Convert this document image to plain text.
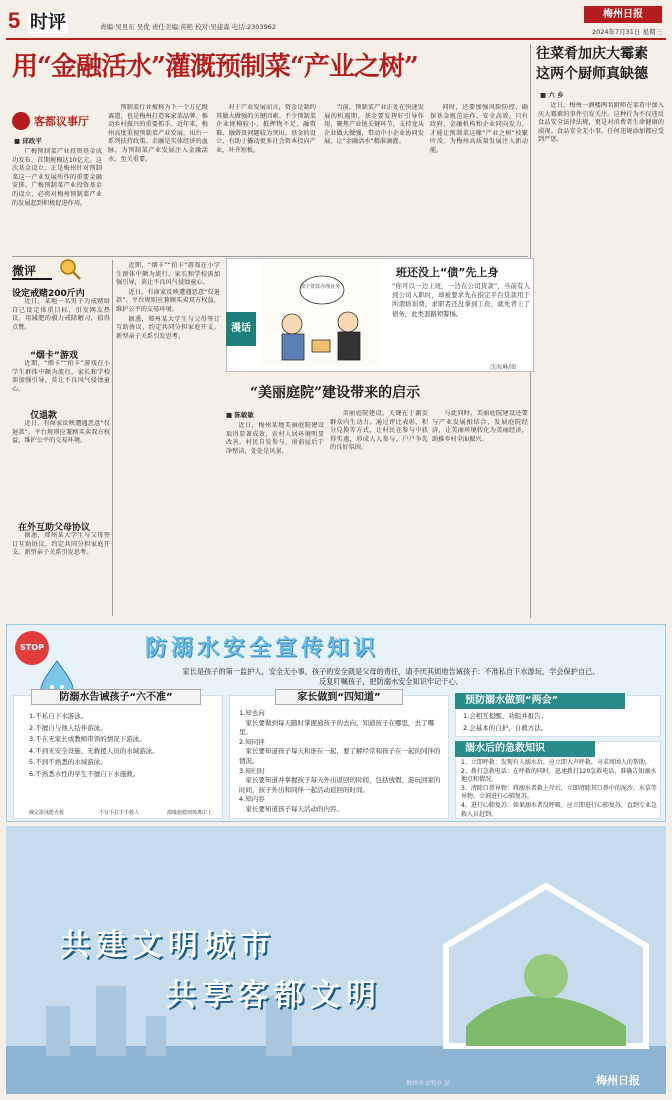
5 时评	责编:吴昱东 吴优 责任美编:黄艳 校对:吴建森 电话:2303962
梅州日报
2024年7月31日 星期三
用“金融活水”灌溉预制菜“产业之树”	往菜肴加庆大霉素 这两个厨师真缺德
■ 六 乡

近日，梅州一酒楼两名厨师在菜肴中加入庆大霉素的事件引发关注。这种行为不仅违反食品安全法律法规，更是对消费者生命健康的漠视。食品安全无小事，任何违规添加都应受到严惩。

客都议事厅
■ 邱政平

广梅预制菜产业投资基金成功发布，首期规模达10亿元。这次基金设立，正是梅州针对预制菜这一产业发展所作的重要金融安排。广梅预制菜产业投资基金的设立，必将对梅州预制菜产业的发展起到积极促进作用。

预制菜行业被称为下一个万亿级赛道，也是梅州打造客家菜品牌、推动乡村振兴的重要抓手。近年来，梅州高度重视预制菜产业发展，出台一系列扶持政策。金融是实体经济的血脉，为预制菜产业发展注入金融活水，至关重要。

对于产业发展而言，资金是制约其做大做强的关键因素。不少预制菜企业规模较小、抵押物不足，融资难、融资贵问题较为突出。基金的设立，有助于撬动更多社会资本投向产业，补齐短板。

当前，预制菜产业正处在快速发展的机遇期。基金要发挥好引导作用，聚焦产业链关键环节，支持龙头企业做大做强，带动中小企业协同发展，让“金融活水”精准滴灌。

同时，还要加强风险防控，确保基金规范运作、安全高效。只有政府、金融机构和企业同向发力，才能让预制菜这棵“产业之树”枝繁叶茂，为梅州高质量发展注入新动能。

微评
设定戒赌200斤内

近日，某地一名男子为戒赌给自己设定体重目标，引发网友热议。用减肥的毅力戒除陋习，值得点赞。

“烟卡”游戏

近期，“烟卡”“拍卡”游戏在小学生群体中颇为流行。家长和学校需加强引导，莫让不良风气侵蚀童心。

仅退款

近日，有商家反映遭遇恶意“仅退款”。平台规则应兼顾买卖双方权益，维护公平的交易环境。

在外互助父母协议

据悉，郑州某大学生与父母签订互助协议，约定共同分担家庭开支。新型亲子关系引发思考。

近期，“烟卡”“拍卡”游戏在小学生群体中颇为流行。家长和学校需加强引导，莫让不良风气侵蚀童心。

近日，有商家反映遭遇恶意“仅退款”。平台规则应兼顾买卖双方权益，维护公平的交易环境。

据悉，郑州某大学生与父母签订互助协议，约定共同分担家庭开支。新型亲子关系引发思考。

漫话
加个贷款办理业务
班还没上“债”先上身
“你可以一边上班，一边在公司贷款”，当前有人到公司入职时，却被要求先在指定平台贷款用于所谓培训费。求职者还没拿到工资，就先背上了债务，此类套路须警惕。
沈海琳/图
“美丽庭院”建设带来的启示
■ 陈敏敏

近日，梅州某地美丽庭院建设取得显著成效，农村人居环境明显改善。村民自发参与，房前屋后干净整洁，处处是风景。

美丽庭院建设，关键在于激发群众内生动力。通过评比表彰、积分兑换等方式，让村民在参与中获得实惠，形成人人参与、户户争先的良好氛围。

与此同时，美丽庭院建设还要与产业发展相结合，发展庭院经济，让美丽环境转化为美丽经济，助推乡村全面振兴。

STOP	防溺水安全宣传知识
家长是孩子的第一监护人，安全无小事，孩子的安全就是父母的责任，请不厌其烦地告诫孩子：不准私自下水游玩，学会保护自己。反复叮嘱孩子，把防溺水安全知识牢记于心。
防溺水告诫孩子“六不准”
1.不私自下水游泳。
2.不擅自与他人结伴游泳。
3.不在无家长或教师带领的情况下游泳。
4.不到无安全设施、无救援人员的水域游泳。
5.不到不熟悉的水域游泳。
6.不熟悉水性的学生不擅自下水施救。
确定游泳能否救	不宜手拉手手救人	溺缘施救则掉离岸上
家长做到“四知道”
1.知去向
家长要做到每天随时掌握通孩子的去向，知道孩子在哪里，去了哪里。
2.知同伴
家长要知道孩子每天和谁在一起，要了解经常和孩子在一起的同伴的情况。
3.知归时
家长要知道并掌握孩子每天外出返回的时间，包括放假、游玩回家的时间，孩子外出和同伴一起活动返回的时间。
4.知内容
家长要知道孩子每天活动的内容。
预防溺水做到“两会”
1.会相互提醒、劝阻并报告；
2.会基本的自护、自救方法。
溺水后的急救知识
1、立即呼救：发现有人溺水后，应立即大声呼救，寻求周围人的帮助。
2、拨打急救电话：在呼救的同时，迅速拨打120急救电话，准确告知溺水地点和情况。
3、清除口鼻异物：将溺水者救上岸后，立即清除其口鼻中的泥沙、水草等异物，立刻进行心肺复苏。
4、进行心肺复苏：如果溺水者没呼吸、应立即进行心肺复苏，直到专业急救人员赶到。
共建文明城市
共享客都文明
梅州市文明办 宣	梅州日报
